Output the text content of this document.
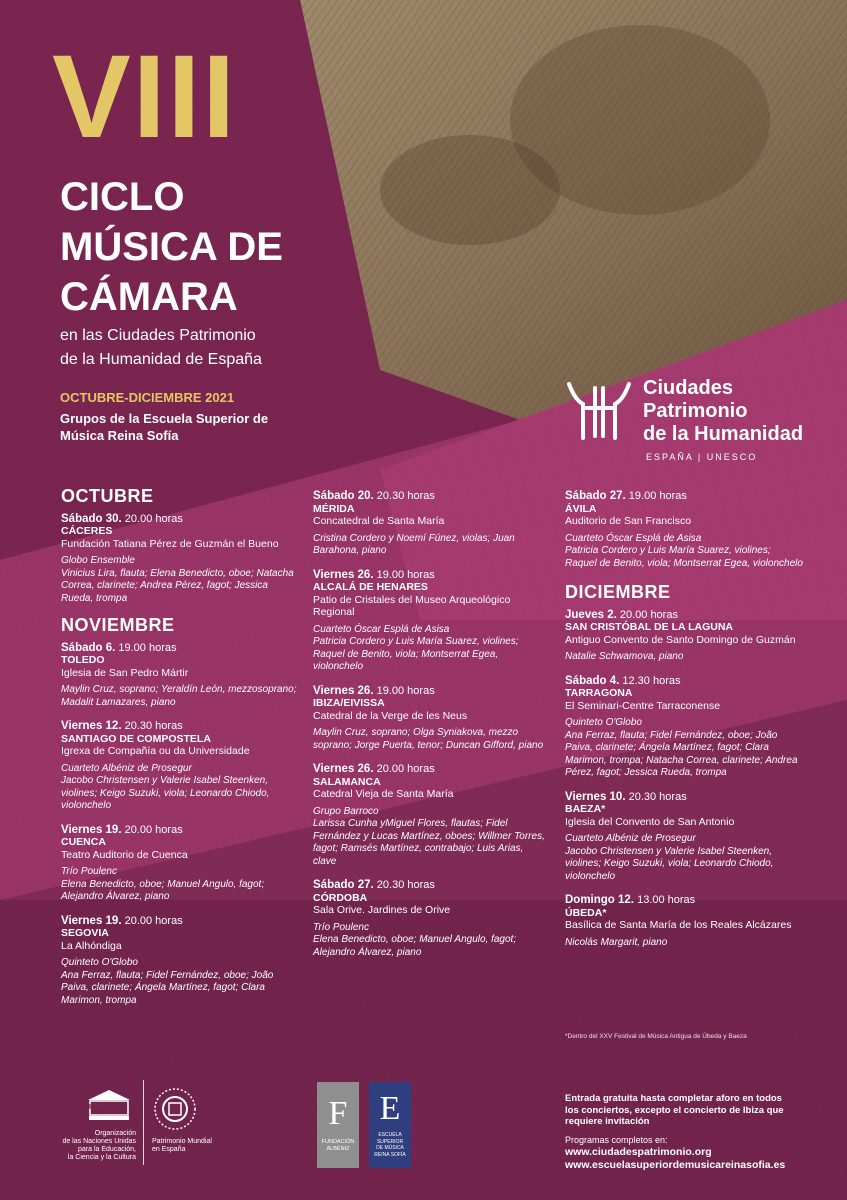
VIII
CICLO
MÚSICA DE
CÁMARA
en las Ciudades Patrimonio
de la Humanidad de España
OCTUBRE-DICIEMBRE 2021
Grupos de la Escuela Superior de
Música Reina Sofía
Ciudades
Patrimonio
de la Humanidad
ESPAÑA | UNESCO
OCTUBRE
Sábado 30. 20.00 horas
CÁCERES
Fundación Tatiana Pérez de Guzmán el Bueno
Globo Ensemble
Vinicius Lira, flauta; Elena Benedicto, oboe; Natacha Correa, clarinete; Andrea Pérez, fagot; Jessica Rueda, trompa
NOVIEMBRE
Sábado 6. 19.00 horas
TOLEDO
Iglesia de San Pedro Mártir
Maylin Cruz, soprano; Yeraldín León, mezzosoprano; Madalit Lamazares, piano
Viernes 12. 20.30 horas
SANTIAGO DE COMPOSTELA
Igrexa de Compañía ou da Universidade
Cuarteto Albéniz de Prosegur
Jacobo Christensen y Valerie Isabel Steenken, violines; Keigo Suzuki, viola; Leonardo Chiodo, violonchelo
Viernes 19. 20.00 horas
CUENCA
Teatro Auditorio de Cuenca
Trío Poulenc
Elena Benedicto, oboe; Manuel Angulo, fagot; Alejandro Álvarez, piano
Viernes 19. 20.00 horas
SEGOVIA
La Alhóndiga
Quinteto O'Globo
Ana Ferraz, flauta; Fidel Fernández, oboe; João Paiva, clarinete; Ángela Martínez, fagot; Clara Marimon, trompa
Sábado 20. 20.30 horas
MÉRIDA
Concatedral de Santa María
Cristina Cordero y Noemí Fúnez, violas; Juan Barahona, piano
Viernes 26. 19.00 horas
ALCALÁ DE HENARES
Patio de Cristales del Museo Arqueológico Regional
Cuarteto Óscar Esplá de Asisa
Patricia Cordero y Luis María Suarez, violines; Raquel de Benito, viola; Montserrat Egea, violonchelo
Viernes 26. 19.00 horas
IBIZA/EIVISSA
Catedral de la Verge de les Neus
Maylin Cruz, soprano; Olga Syniakova, mezzo soprano; Jorge Puerta, tenor; Duncan Gifford, piano
Viernes 26. 20.00 horas
SALAMANCA
Catedral Vieja de Santa María
Grupo Barroco
Larissa Cunha yMiguel Flores, flautas; Fidel Fernández y Lucas Martínez, oboes; Willmer Torres, fagot; Ramsés Martínez, contrabajo; Luis Arias, clave
Sábado 27. 20.30 horas
CÓRDOBA
Sala Orive. Jardines de Orive
Trío Poulenc
Elena Benedicto, oboe; Manuel Angulo, fagot; Alejandro Álvarez, piano
Sábado 27. 19.00 horas
ÁVILA
Auditorio de San Francisco
Cuarteto Óscar Esplá de Asisa
Patricia Cordero y Luis María Suarez, violines; Raquel de Benito, viola; Montserrat Egea, violonchelo
DICIEMBRE
Jueves 2. 20.00 horas
SAN CRISTÓBAL DE LA LAGUNA
Antiguo Convento de Santo Domingo de Guzmán
Natalie Schwamova, piano
Sábado 4. 12.30 horas
TARRAGONA
El Seminari-Centre Tarraconense
Quinteto O'Globo
Ana Ferraz, flauta; Fidel Fernández, oboe; João Paiva, clarinete; Ángela Martínez, fagot; Clara Marimon, trompa; Natacha Correa, clarinete; Andrea Pérez, fagot; Jessica Rueda, trompa
Viernes 10. 20.30 horas
BAEZA*
Iglesia del Convento de San Antonio
Cuarteto Albéniz de Prosegur
Jacobo Christensen y Valerie Isabel Steenken, violines; Keigo Suzuki, viola; Leonardo Chiodo, violonchelo
Domingo 12. 13.00 horas
ÚBEDA*
Basílica de Santa María de los Reales Alcázares
Nicolás Margarit, piano
*Dentro del XXV Festival de Música Antigua de Úbeda y Baeza
UNESCO
Organización
de las Naciones Unidas
para la Educación,
la Ciencia y la Cultura
Patrimonio Mundial
en España
F
FUNDACIÓN
ALBÉNIZ
E
ESCUELA
SUPERIOR
DE MÚSICA
REINA SOFÍA
Entrada gratuita hasta completar aforo en todos
los conciertos, excepto el concierto de Ibiza que
requiere invitación
Programas completos en:
www.ciudadespatrimonio.org
www.escuelasuperiordemusicareinasofia.es
